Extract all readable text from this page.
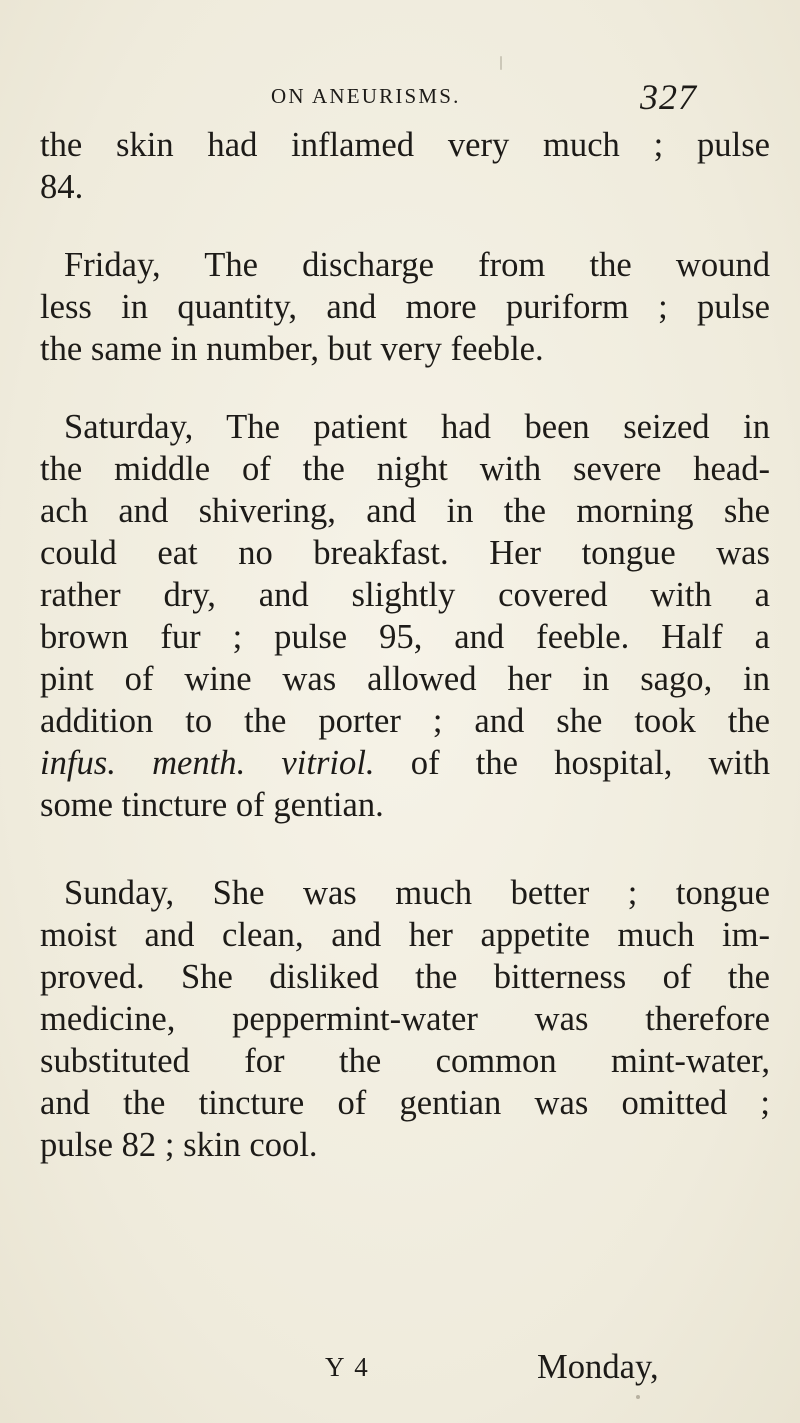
ON ANEURISMS.	327
the skin had inflamed very much ; pulse
84.
Friday, The discharge from the wound
less in quantity, and more puriform ; pulse
the same in number, but very feeble.
Saturday, The patient had been seized in
the middle of the night with severe head-
ach and shivering, and in the morning she
could eat no breakfast. Her tongue was
rather dry, and slightly covered with a
brown fur ; pulse 95, and feeble. Half a
pint of wine was allowed her in sago, in
addition to the porter ; and she took the
infus. menth. vitriol. of the hospital, with
some tincture of gentian.
Sunday, She was much better ; tongue
moist and clean, and her appetite much im-
proved. She disliked the bitterness of the
medicine, peppermint-water was therefore
substituted for the common mint-water,
and the tincture of gentian was omitted ;
pulse 82 ; skin cool.
Y 4	Monday,
